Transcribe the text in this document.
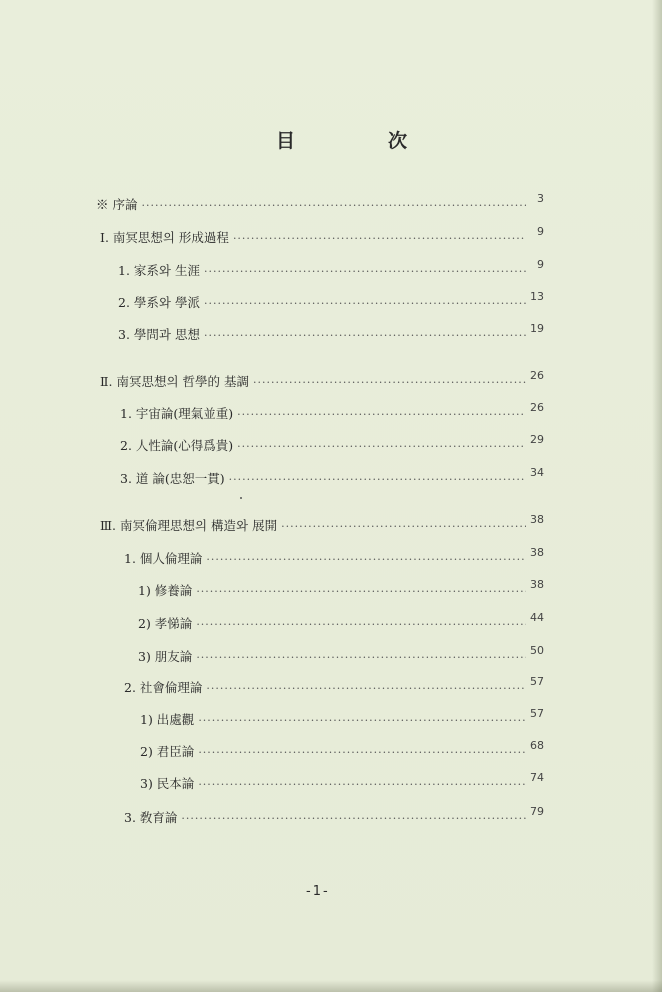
目	次
※ 序論 ·····	3
Ⅰ. 南冥思想의 形成過程 ·····	9
1. 家系와 生涯 ·····	9
2. 學系와 學派 ·····	13
3. 學問과 思想 ·····	19
Ⅱ. 南冥思想의 哲學的 基調 ·····	26
1. 宇宙論(理氣並重) ·····	26
2. 人性論(心得爲貴) ·····	29
3. 道 論(忠恕一貫) ·····	34
Ⅲ. 南冥倫理思想의 構造와 展開 ·····	38
1. 個人倫理論 ·····	38
1) 修養論 ·····	38
2) 孝悌論 ·····	44
3) 朋友論 ·····	50
2. 社會倫理論 ·····	57
1) 出處觀 ·····	57
2) 君臣論 ·····	68
3) 民本論 ·····	74
3. 敎育論 ·····	79
-1-
